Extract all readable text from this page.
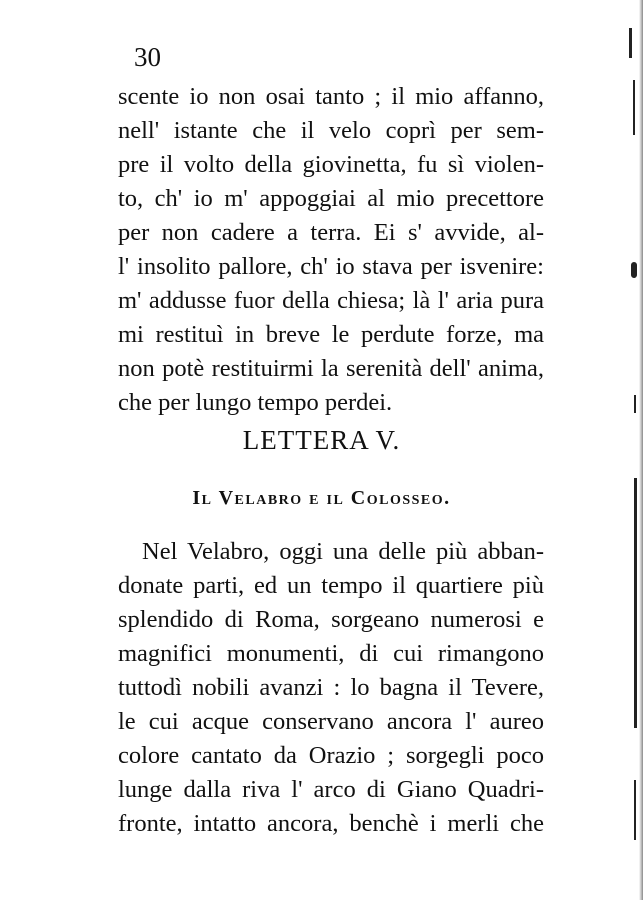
30
scente io non osai tanto ; il mio affanno,
nell' istante che il velo coprì per sem-
pre il volto della giovinetta, fu sì violen-
to, ch' io m' appoggiai al mio precettore
per non cadere a terra. Ei s' avvide, al-
l' insolito pallore, ch' io stava per isvenire:
m' addusse fuor della chiesa; là l' aria pura
mi restituì in breve le perdute forze, ma
non potè restituirmi la serenità dell' anima,
che per lungo tempo perdei.
LETTERA V.
Il Velabro e il Colosseo.
Nel Velabro, oggi una delle più abban-
donate parti, ed un tempo il quartiere più
splendido di Roma, sorgeano numerosi e
magnifici monumenti, di cui rimangono
tuttodì nobili avanzi : lo bagna il Tevere,
le cui acque conservano ancora l' aureo
colore cantato da Orazio ; sorgegli poco
lunge dalla riva l' arco di Giano Quadri-
fronte, intatto ancora, benchè i merli che
